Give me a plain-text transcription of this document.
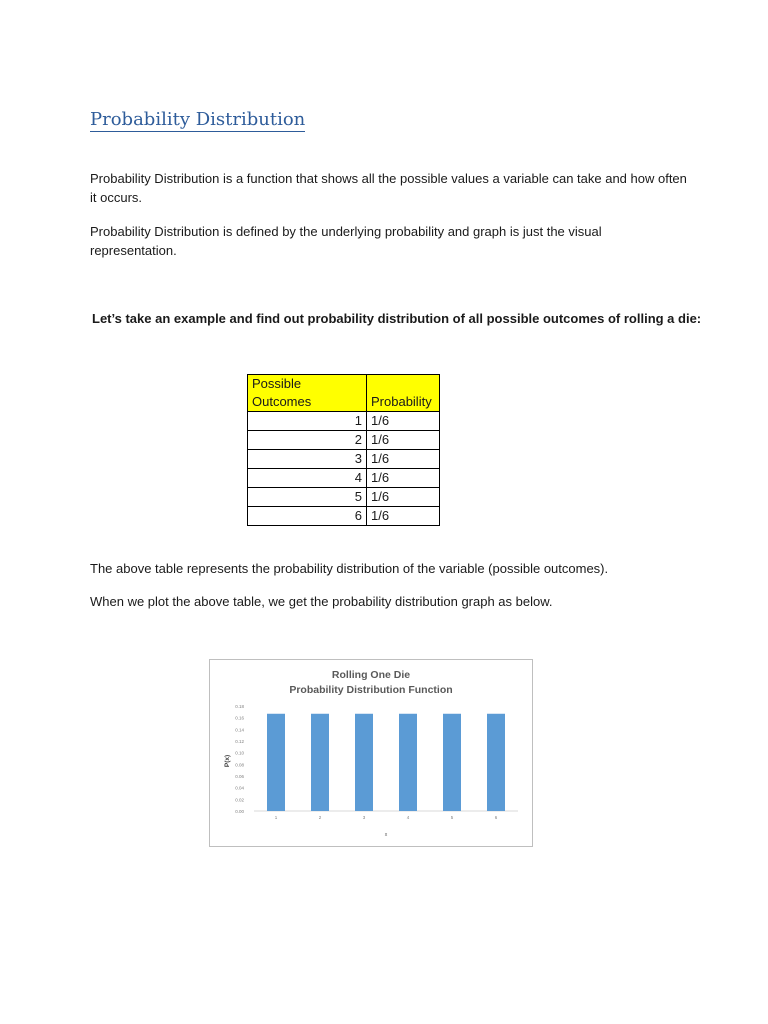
Probability Distribution

Probability Distribution is a function that shows all the possible values a variable can take and how often it occurs.

Probability Distribution is defined by the underlying probability and graph is just the visual representation.

Let’s take an example and find out probability distribution of all possible outcomes of rolling a die:

Possible Outcomes	Probability
1	1/6
2	1/6
3	1/6
4	1/6
5	1/6
6	1/6

The above table represents the probability distribution of the variable (possible outcomes).

When we plot the above table, we get the probability distribution graph as below.

Rolling One Die
Probability Distribution Function
P(x)
x
0.00
0.02
0.04
0.06
0.08
0.10
0.12
0.14
0.16
0.18
1	2	3	4	5	6
